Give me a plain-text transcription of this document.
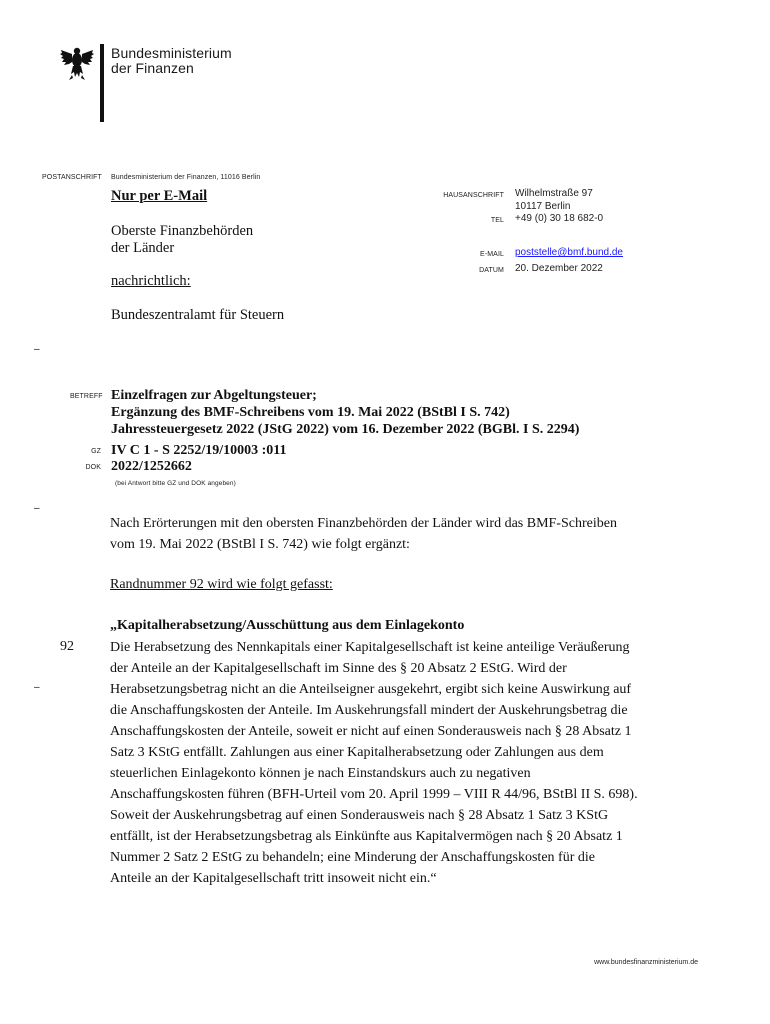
Bundesministerium
der Finanzen
POSTANSCHRIFT Bundesministerium der Finanzen, 11016 Berlin
Nur per E-Mail
Oberste Finanzbehörden
der Länder
nachrichtlich:
Bundeszentralamt für Steuern
HAUSANSCHRIFT Wilhelmstraße 97
10117 Berlin
TEL +49 (0) 30 18 682-0
E-MAIL poststelle@bmf.bund.de
DATUM 20. Dezember 2022
–
–
–
BETREFF Einzelfragen zur Abgeltungsteuer;
Ergänzung des BMF-Schreibens vom 19. Mai 2022 (BStBl I S. 742)
Jahressteuergesetz 2022 (JStG 2022) vom 16. Dezember 2022 (BGBl. I S. 2294)
GZ IV C 1 - S 2252/19/10003 :011
DOK 2022/1252662
(bei Antwort bitte GZ und DOK angeben)
Nach Erörterungen mit den obersten Finanzbehörden der Länder wird das BMF-Schreiben
vom 19. Mai 2022 (BStBl I S. 742) wie folgt ergänzt:
Randnummer 92 wird wie folgt gefasst:
„Kapitalherabsetzung/Ausschüttung aus dem Einlagekonto
92	Die Herabsetzung des Nennkapitals einer Kapitalgesellschaft ist keine anteilige Veräußerung
der Anteile an der Kapitalgesellschaft im Sinne des § 20 Absatz 2 EStG. Wird der
Herabsetzungsbetrag nicht an die Anteilseigner ausgekehrt, ergibt sich keine Auswirkung auf
die Anschaffungskosten der Anteile. Im Auskehrungsfall mindert der Auskehrungsbetrag die
Anschaffungskosten der Anteile, soweit er nicht auf einen Sonderausweis nach § 28 Absatz 1
Satz 3 KStG entfällt. Zahlungen aus einer Kapitalherabsetzung oder Zahlungen aus dem
steuerlichen Einlagekonto können je nach Einstandskurs auch zu negativen
Anschaffungskosten führen (BFH-Urteil vom 20. April 1999 – VIII R 44/96, BStBl II S. 698).
Soweit der Auskehrungsbetrag auf einen Sonderausweis nach § 28 Absatz 1 Satz 3 KStG
entfällt, ist der Herabsetzungsbetrag als Einkünfte aus Kapitalvermögen nach § 20 Absatz 1
Nummer 2 Satz 2 EStG zu behandeln; eine Minderung der Anschaffungskosten für die
Anteile an der Kapitalgesellschaft tritt insoweit nicht ein.“
www.bundesfinanzministerium.de
